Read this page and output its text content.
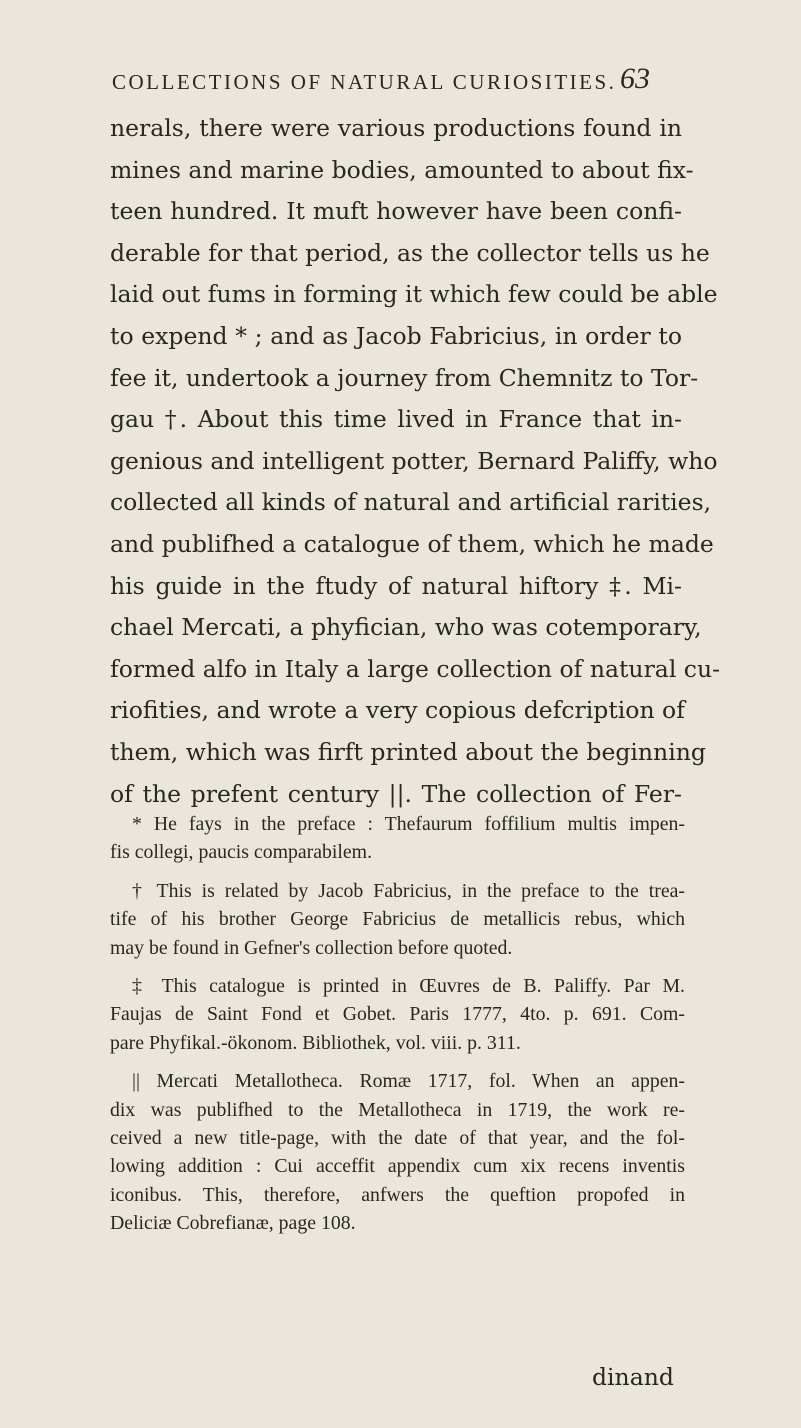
COLLECTIONS OF NATURAL CURIOSITIES. 63
nerals, there were various productions found in
mines and marine bodies, amounted to about fix-
teen hundred. It muft however have been confi-
derable for that period, as the collector tells us he
laid out fums in forming it which few could be able
to expend * ; and as Jacob Fabricius, in order to
fee it, undertook a journey from Chemnitz to Tor-
gau †. About this time lived in France that in-
genious and intelligent potter, Bernard Paliffy, who
collected all kinds of natural and artificial rarities,
and publifhed a catalogue of them, which he made
his guide in the ftudy of natural hiftory ‡. Mi-
chael Mercati, a phyfician, who was cotemporary,
formed alfo in Italy a large collection of natural cu-
riofities, and wrote a very copious defcription of
them, which was firft printed about the beginning
of the prefent century ||. The collection of Fer-
* He fays in the preface : Thefaurum foffilium multis impen-
fis collegi, paucis comparabilem.
† This is related by Jacob Fabricius, in the preface to the trea-
tife of his brother George Fabricius de metallicis rebus, which
may be found in Gefner's collection before quoted.
‡ This catalogue is printed in Œuvres de B. Paliffy. Par M.
Faujas de Saint Fond et Gobet. Paris 1777, 4to. p. 691. Com-
pare Phyfikal.-ökonom. Bibliothek, vol. viii. p. 311.
|| Mercati Metallotheca. Romæ 1717, fol. When an appen-
dix was publifhed to the Metallotheca in 1719, the work re-
ceived a new title-page, with the date of that year, and the fol-
lowing addition : Cui acceffit appendix cum xix recens inventis
iconibus. This, therefore, anfwers the queftion propofed in
Deliciæ Cobrefianæ, page 108.
dinand
